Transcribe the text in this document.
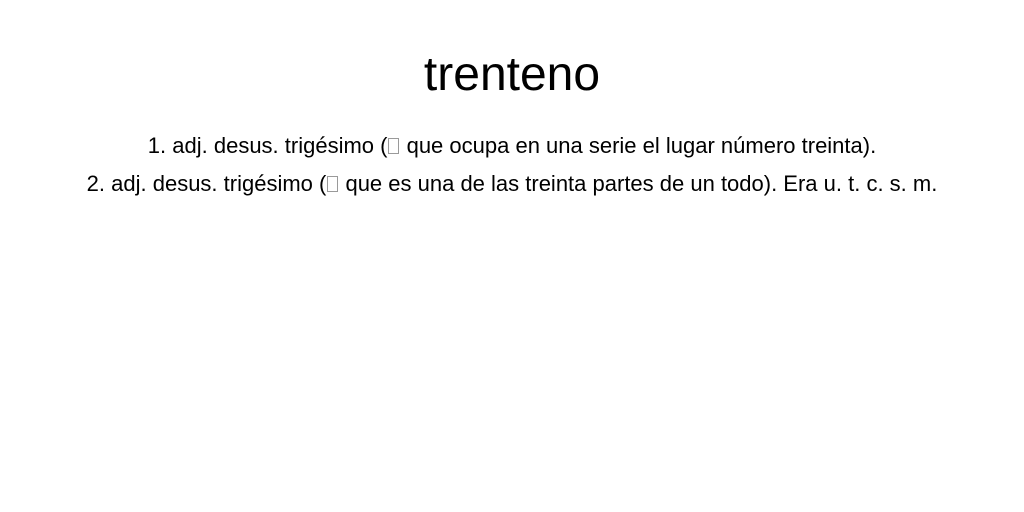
trenteno
1. adj. desus. trigésimo ( que ocupa en una serie el lugar número treinta).
2. adj. desus. trigésimo ( que es una de las treinta partes de un todo). Era u. t. c. s. m.
